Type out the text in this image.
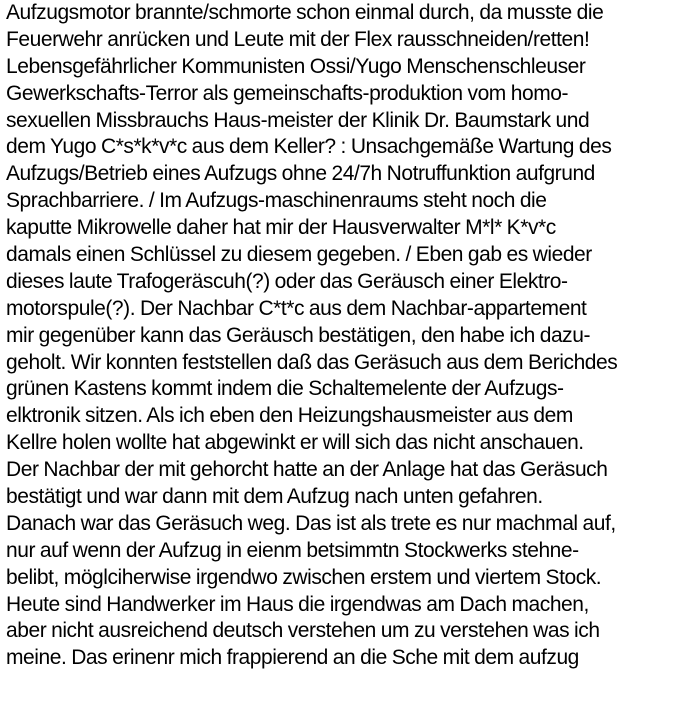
Aufzugsmotor brannte/schmorte schon einmal durch, da musste die
Feuerwehr anrücken und Leute mit der Flex rausschneiden/retten!
Lebensgefährlicher Kommunisten Ossi/Yugo Menschenschleuser
Gewerkschafts-Terror als gemeinschafts-produktion vom homo-
sexuellen Missbrauchs Haus-meister der Klinik Dr. Baumstark und
dem Yugo C*s*k*v*c aus dem Keller? : Unsachgemäße Wartung des
Aufzugs/Betrieb eines Aufzugs ohne 24/7h Notruffunktion aufgrund
Sprachbarriere. / Im Aufzugs-maschinenraums steht noch die
kaputte Mikrowelle daher hat mir der Hausverwalter M*l* K*v*c
damals einen Schlüssel zu diesem gegeben. / Eben gab es wieder
dieses laute Trafogeräscuh(?) oder das Geräusch einer Elektro-
motorspule(?). Der Nachbar C*t*c aus dem Nachbar-appartement
mir gegenüber kann das Geräusch bestätigen, den habe ich dazu-
geholt. Wir konnten feststellen daß das Geräsuch aus dem Berichdes
grünen Kastens kommt indem die Schaltemelente der Aufzugs-
elktronik sitzen. Als ich eben den Heizungshausmeister aus dem
Kellre holen wollte hat abgewinkt er will sich das nicht anschauen.
Der Nachbar der mit gehorcht hatte an der Anlage hat das Geräsuch
bestätigt und war dann mit dem Aufzug nach unten gefahren.
Danach war das Geräsuch weg. Das ist als trete es nur machmal auf,
nur auf wenn der Aufzug in eienm betsimmtn Stockwerks stehne-
belibt, möglciherwise irgendwo zwischen erstem und viertem Stock.
Heute sind Handwerker im Haus die irgendwas am Dach machen,
aber nicht ausreichend deutsch verstehen um zu verstehen was ich
meine. Das erinenr mich frappierend an die Sche mit dem aufzug
